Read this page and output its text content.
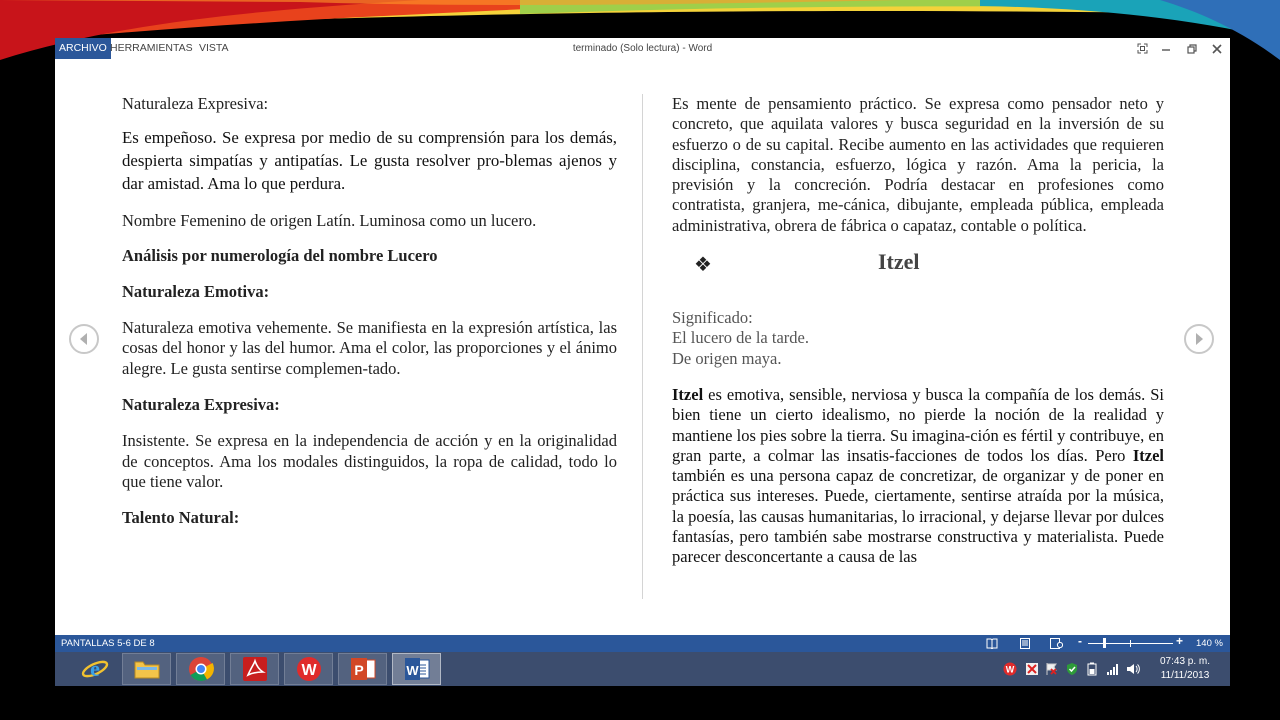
terminado (Solo lectura) - Word
ARCHIVO HERRAMIENTAS VISTA

Naturaleza Expresiva:

Es empeñoso. Se expresa por medio de su comprensión para los demás, despierta simpatías y antipatías. Le gusta resolver pro-blemas ajenos y dar amistad. Ama lo que perdura.

Nombre Femenino de origen Latín. Luminosa como un lucero.

Análisis por numerología del nombre Lucero

Naturaleza Emotiva:

Naturaleza emotiva vehemente. Se manifiesta en la expresión artística, las cosas del honor y las del humor. Ama el color, las proporciones y el ánimo alegre. Le gusta sentirse complemen-tado.

Naturaleza Expresiva:

Insistente. Se expresa en la independencia de acción y en la originalidad de conceptos. Ama los modales distinguidos, la ropa de calidad, todo lo que tiene valor.

Talento Natural:

Es mente de pensamiento práctico. Se expresa como pensador neto y concreto, que aquilata valores y busca seguridad en la inversión de su esfuerzo o de su capital. Recibe aumento en las actividades que requieren disciplina, constancia, esfuerzo, lógica y razón. Ama la pericia, la previsión y la concreción. Podría destacar en profesiones como contratista, granjera, me-cánica, dibujante, empleada pública, empleada administrativa, obrera de fábrica o capataz, contable o política.

❖	Itzel

Significado:

El lucero de la tarde.

De origen maya.

Itzel es emotiva, sensible, nerviosa y busca la compañía de los demás. Si bien tiene un cierto idealismo, no pierde la noción de la realidad y mantiene los pies sobre la tierra. Su imagina-ción es fértil y contribuye, en gran parte, a colmar las insatis-facciones de todos los días. Pero Itzel también es una persona capaz de concretizar, de organizar y de poner en práctica sus intereses. Puede, ciertamente, sentirse atraída por la música, la poesía, las causas humanitarias, lo irracional, y dejarse llevar por dulces fantasías, pero también sabe mostrarse constructiva y materialista. Puede parecer desconcertante a causa de las

PANTALLAS 5-6 DE 8	-	+ 140 %
e	W	P	W	W
07:43 p. m.
11/11/2013
